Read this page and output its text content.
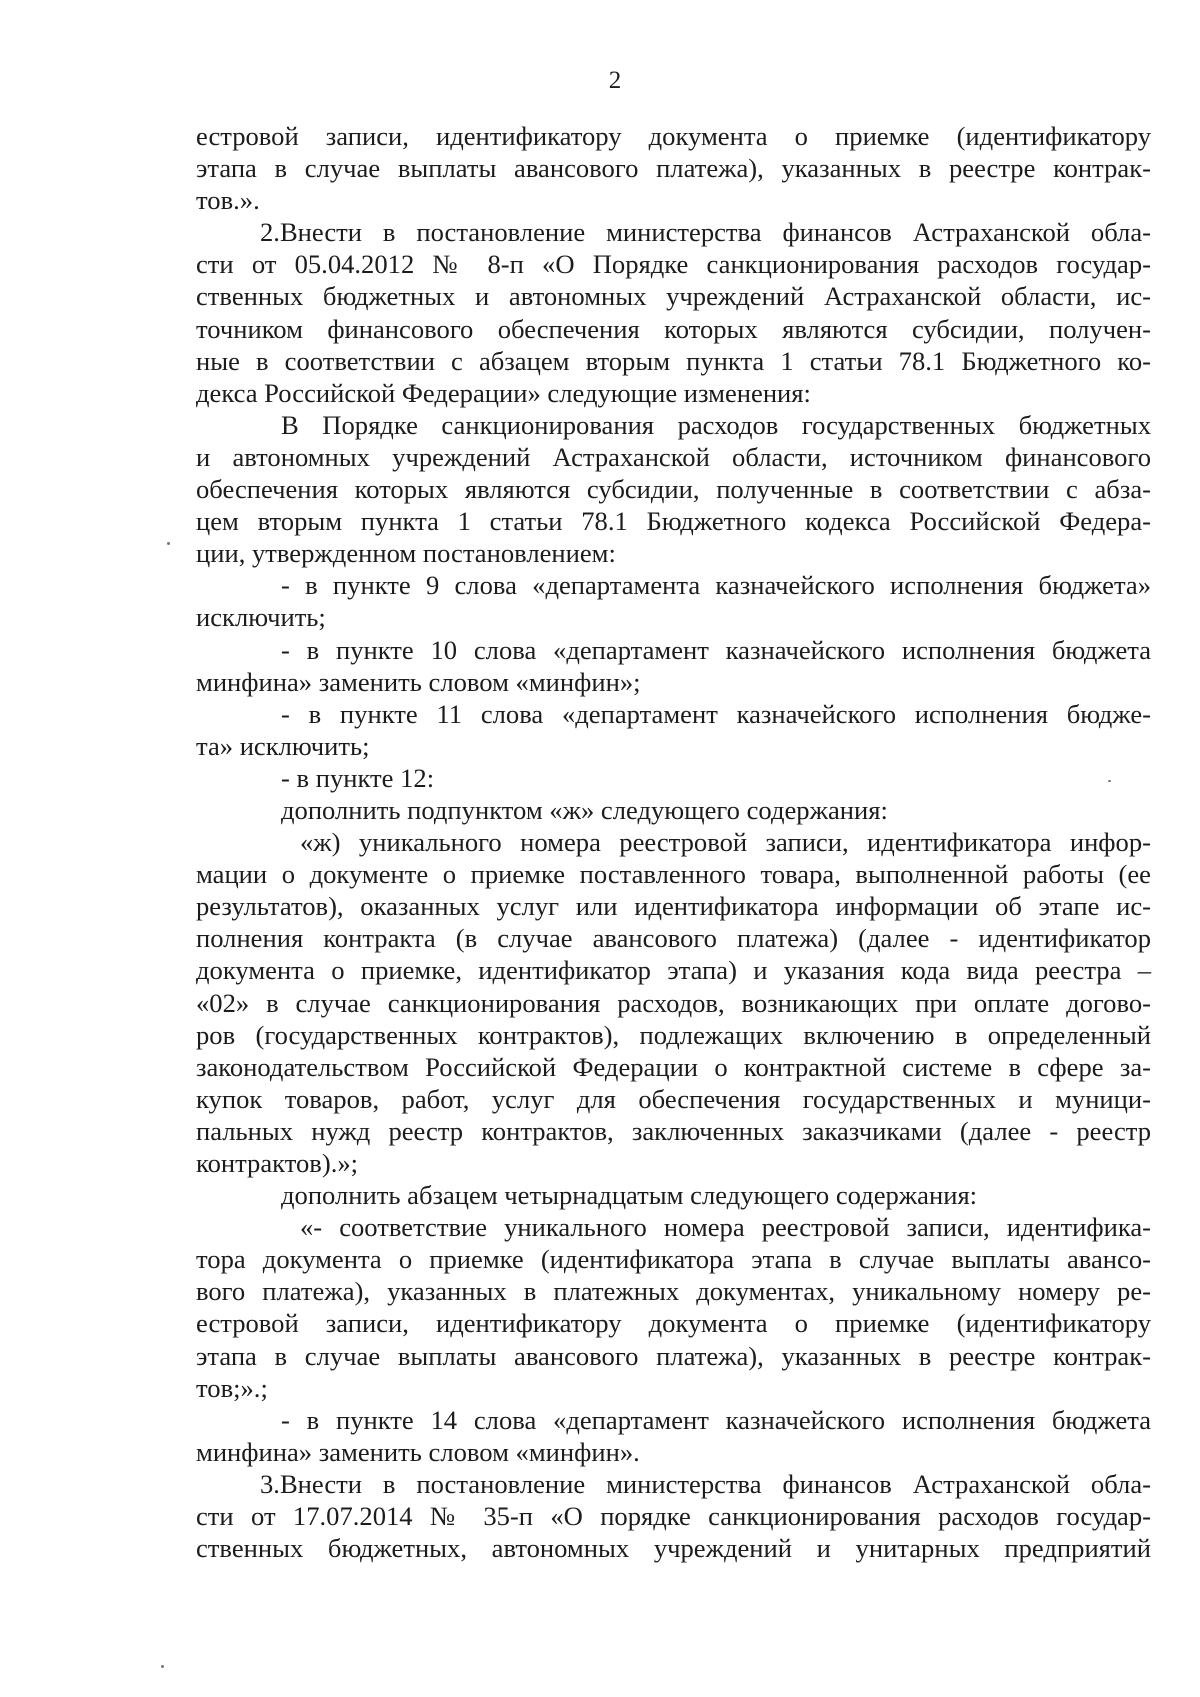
2
естровой записи, идентификатору документа о приемке (идентификатору
этапа в случае выплаты авансового платежа), указанных в реестре контрак-
тов.».
2.Внести в постановление министерства финансов Астраханской обла-
сти от 05.04.2012 № 8-п «О Порядке санкционирования расходов государ-
ственных бюджетных и автономных учреждений Астраханской области, ис-
точником финансового обеспечения которых являются субсидии, получен-
ные в соответствии с абзацем вторым пункта 1 статьи 78.1 Бюджетного ко-
декса Российской Федерации» следующие изменения:
В Порядке санкционирования расходов государственных бюджетных
и автономных учреждений Астраханской области, источником финансового
обеспечения которых являются субсидии, полученные в соответствии с абза-
цем вторым пункта 1 статьи 78.1 Бюджетного кодекса Российской Федера-
ции, утвержденном постановлением:
- в пункте 9 слова «департамента казначейского исполнения бюджета»
исключить;
- в пункте 10 слова «департамент казначейского исполнения бюджета
минфина» заменить словом «минфин»;
- в пункте 11 слова «департамент казначейского исполнения бюдже-
та» исключить;
- в пункте 12:
дополнить подпунктом «ж» следующего содержания:
«ж) уникального номера реестровой записи, идентификатора инфор-
мации о документе о приемке поставленного товара, выполненной работы (ее
результатов), оказанных услуг или идентификатора информации об этапе ис-
полнения контракта (в случае авансового платежа) (далее - идентификатор
документа о приемке, идентификатор этапа) и указания кода вида реестра –
«02» в случае санкционирования расходов, возникающих при оплате догово-
ров (государственных контрактов), подлежащих включению в определенный
законодательством Российской Федерации о контрактной системе в сфере за-
купок товаров, работ, услуг для обеспечения государственных и муници-
пальных нужд реестр контрактов, заключенных заказчиками (далее - реестр
контрактов).»;
дополнить абзацем четырнадцатым следующего содержания:
«- соответствие уникального номера реестровой записи, идентифика-
тора документа о приемке (идентификатора этапа в случае выплаты авансо-
вого платежа), указанных в платежных документах, уникальному номеру ре-
естровой записи, идентификатору документа о приемке (идентификатору
этапа в случае выплаты авансового платежа), указанных в реестре контрак-
тов;».;
- в пункте 14 слова «департамент казначейского исполнения бюджета
минфина» заменить словом «минфин».
3.Внести в постановление министерства финансов Астраханской обла-
сти от 17.07.2014 № 35-п «О порядке санкционирования расходов государ-
ственных бюджетных, автономных учреждений и унитарных предприятий
